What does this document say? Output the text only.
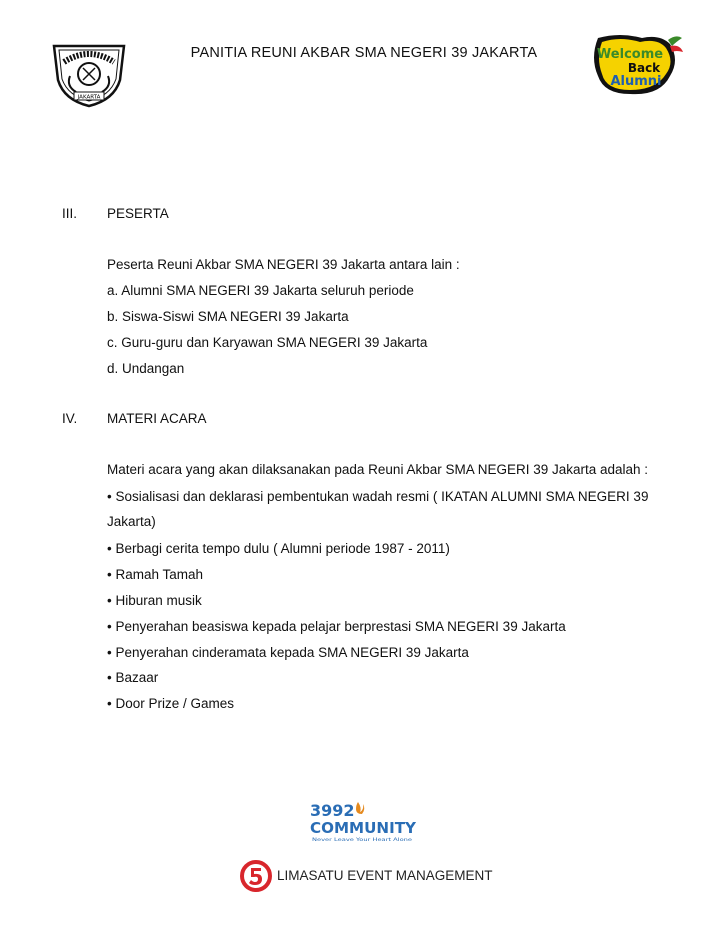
JAKARTA
PANITIA REUNI AKBAR SMA NEGERI 39 JAKARTA	Welcome
Back
Alumni
III. PESERTA
Peserta Reuni Akbar SMA NEGERI 39 Jakarta antara lain :
a. Alumni SMA NEGERI 39 Jakarta seluruh periode
b. Siswa-Siswi SMA NEGERI 39 Jakarta
c. Guru-guru dan Karyawan SMA NEGERI 39 Jakarta
d. Undangan
IV. MATERI ACARA
Materi acara yang akan dilaksanakan pada Reuni Akbar SMA NEGERI 39 Jakarta adalah :
• Sosialisasi dan deklarasi pembentukan wadah resmi ( IKATAN ALUMNI SMA NEGERI 39
Jakarta)
• Berbagi cerita tempo dulu ( Alumni periode 1987 - 2011)
• Ramah Tamah
• Hiburan musik
• Penyerahan beasiswa kepada pelajar berprestasi SMA NEGERI 39 Jakarta
• Penyerahan cinderamata kepada SMA NEGERI 39 Jakarta
• Bazaar
• Door Prize / Games
3992
COMMUNITY
Never Leave Your Heart Alone
LIMASATU EVENT MANAGEMENT
